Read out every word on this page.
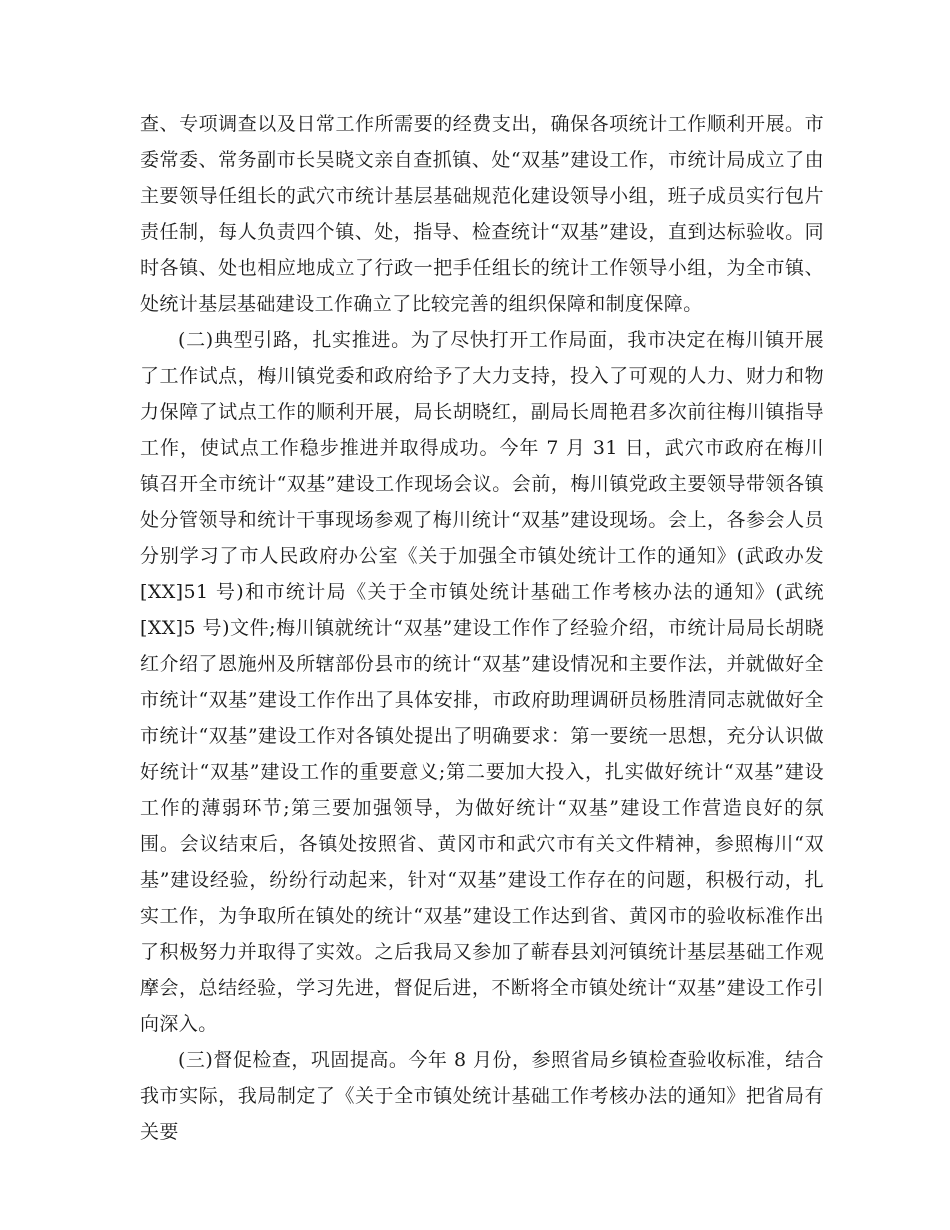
查、专项调查以及日常工作所需要的经费支出，确保各项统计工作顺利开展。市委常委、常务副市长吴晓文亲自查抓镇、处“双基”建设工作，市统计局成立了由主要领导任组长的武穴市统计基层基础规范化建设领导小组，班子成员实行包片责任制，每人负责四个镇、处，指导、检查统计“双基”建设，直到达标验收。同时各镇、处也相应地成立了行政一把手任组长的统计工作领导小组，为全市镇、处统计基层基础建设工作确立了比较完善的组织保障和制度保障。

(二)典型引路，扎实推进。为了尽快打开工作局面，我市决定在梅川镇开展了工作试点，梅川镇党委和政府给予了大力支持，投入了可观的人力、财力和物力保障了试点工作的顺利开展，局长胡晓红，副局长周艳君多次前往梅川镇指导工作，使试点工作稳步推进并取得成功。今年 7 月 31 日，武穴市政府在梅川镇召开全市统计“双基”建设工作现场会议。会前，梅川镇党政主要领导带领各镇处分管领导和统计干事现场参观了梅川统计“双基”建设现场。会上，各参会人员分别学习了市人民政府办公室《关于加强全市镇处统计工作的通知》(武政办发[XX]51 号)和市统计局《关于全市镇处统计基础工作考核办法的通知》(武统[XX]5 号)文件;梅川镇就统计“双基”建设工作作了经验介绍，市统计局局长胡晓红介绍了恩施州及所辖部份县市的统计“双基”建设情况和主要作法，并就做好全市统计“双基”建设工作作出了具体安排，市政府助理调研员杨胜清同志就做好全市统计“双基”建设工作对各镇处提出了明确要求：第一要统一思想，充分认识做好统计“双基”建设工作的重要意义;第二要加大投入，扎实做好统计“双基”建设工作的薄弱环节;第三要加强领导，为做好统计“双基”建设工作营造良好的氛围。会议结束后，各镇处按照省、黄冈市和武穴市有关文件精神，参照梅川“双基”建设经验，纷纷行动起来，针对“双基”建设工作存在的问题，积极行动，扎实工作，为争取所在镇处的统计“双基”建设工作达到省、黄冈市的验收标准作出了积极努力并取得了实效。之后我局又参加了蕲春县刘河镇统计基层基础工作观摩会，总结经验，学习先进，督促后进，不断将全市镇处统计“双基”建设工作引向深入。

(三)督促检查，巩固提高。今年 8 月份，参照省局乡镇检查验收标准，结合我市实际，我局制定了《关于全市镇处统计基础工作考核办法的通知》把省局有关要
